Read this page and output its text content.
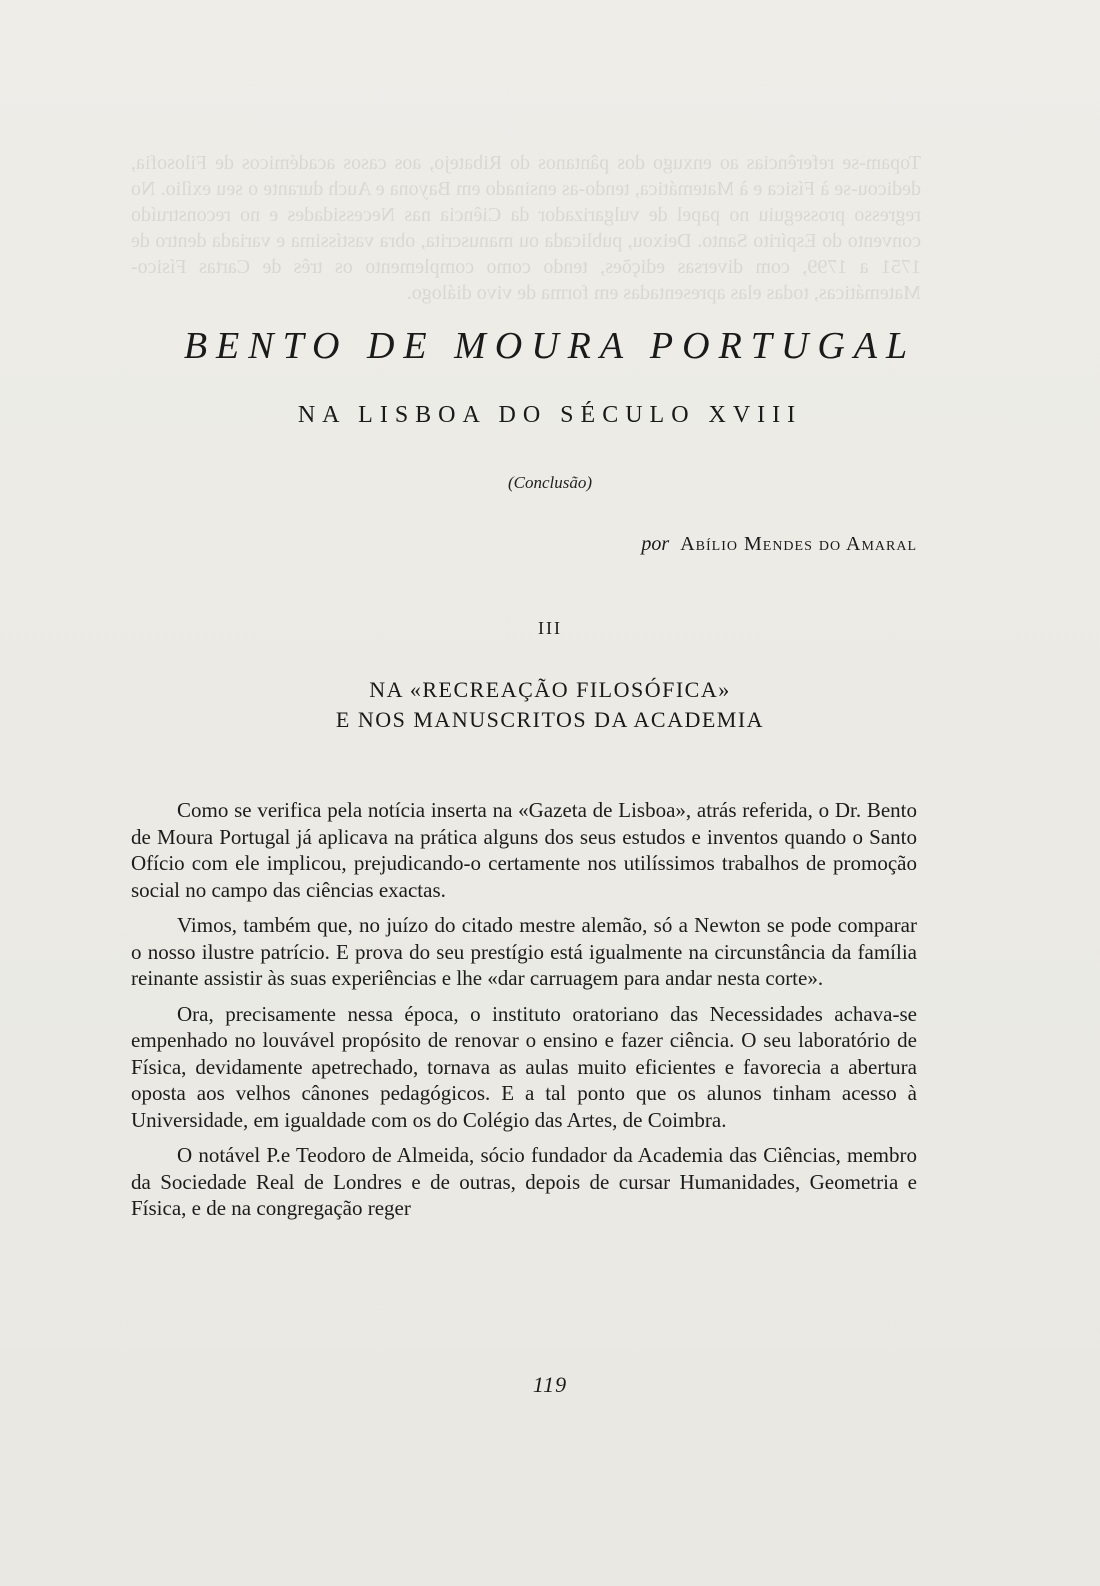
Topam-se referências ao enxugo dos pântanos do Ribatejo, aos casos académicos de Filosofia, dedicou-se à Física e à Matemática, tendo-as ensinado em Bayona e Auch durante o seu exílio. No regresso prosseguiu no papel de vulgarizador da Ciência nas Necessidades e no reconstruído convento do Espírito Santo. Deixou, publicada ou manuscrita, obra vastíssima e variada dentro de 1751 a 1799, com diversas edições, tendo como complemento os três de Cartas Físico-Matemáticas, todas elas apresentadas em forma de vivo diálogo.
BENTO DE MOURA PORTUGAL
NA LISBOA DO SÉCULO XVIII
(Conclusão)
por Abílio Mendes do Amaral
III
NA «RECREAÇÃO FILOSÓFICA»
E NOS MANUSCRITOS DA ACADEMIA

Como se verifica pela notícia inserta na «Gazeta de Lisboa», atrás referida, o Dr. Bento de Moura Portugal já aplicava na prática alguns dos seus estudos e inventos quando o Santo Ofício com ele implicou, prejudicando-o certamente nos utilíssimos trabalhos de promoção social no campo das ciências exactas.

Vimos, também que, no juízo do citado mestre alemão, só a Newton se pode comparar o nosso ilustre patrício. E prova do seu prestígio está igualmente na circunstância da família reinante assistir às suas experiências e lhe «dar carruagem para andar nesta corte».

Ora, precisamente nessa época, o instituto oratoriano das Necessidades achava-se empenhado no louvável propósito de renovar o ensino e fazer ciência. O seu laboratório de Física, devidamente apetrechado, tornava as aulas muito eficientes e favorecia a abertura oposta aos velhos cânones pedagógicos. E a tal ponto que os alunos tinham acesso à Universidade, em igualdade com os do Colégio das Artes, de Coimbra.

O notável P.e Teodoro de Almeida, sócio fundador da Academia das Ciências, membro da Sociedade Real de Londres e de outras, depois de cursar Humanidades, Geometria e Física, e de na congregação reger

119
